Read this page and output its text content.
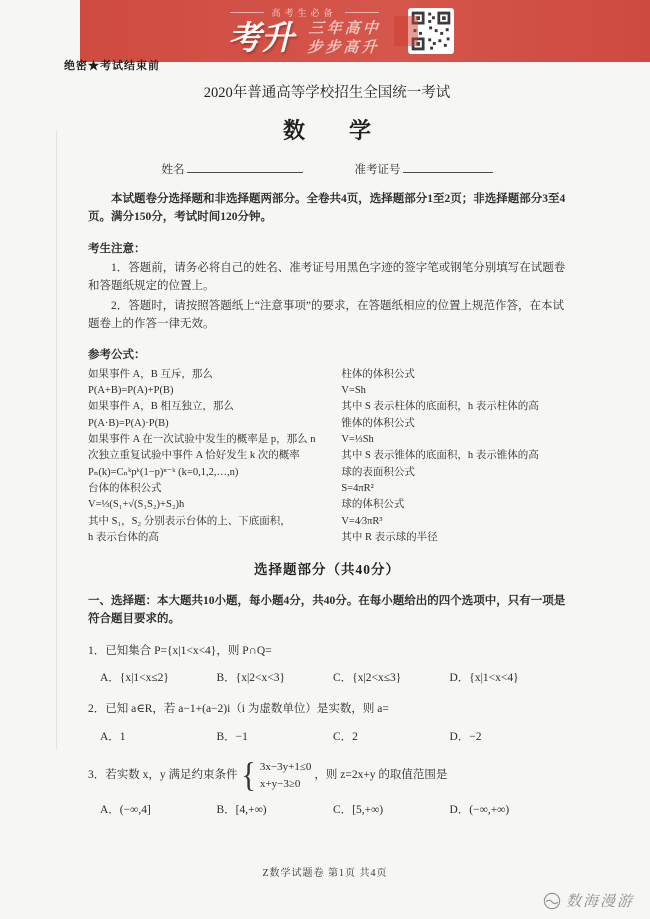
高考生必备
考升 三年高中
步步高升
绝密★考试结束前
2020年普通高等学校招生全国统一考试
数　　学
姓名	准考证号

本试题卷分选择题和非选择题两部分。全卷共4页，选择题部分1至2页；非选择题部分3至4页。满分150分，考试时间120分钟。

考生注意：

1．答题前，请务必将自己的姓名、准考证号用黑色字迹的签字笔或钢笔分别填写在试题卷和答题纸规定的位置上。

2．答题时，请按照答题纸上“注意事项”的要求，在答题纸相应的位置上规范作答，在本试题卷上的作答一律无效。

参考公式：
如果事件 A，B 互斥，那么
P(A+B)=P(A)+P(B)
如果事件 A，B 相互独立，那么
P(A·B)=P(A)·P(B)
如果事件 A 在一次试验中发生的概率是 p，那么 n
次独立重复试验中事件 A 恰好发生 k 次的概率
Pₙ(k)=Cₙᵏpᵏ(1−p)ⁿ⁻ᵏ (k=0,1,2,…,n)
台体的体积公式
V=⅓(S₁+√(S₁S₂)+S₂)h
其中 S₁，S₂ 分别表示台体的上、下底面积，
h 表示台体的高
柱体的体积公式
V=Sh
其中 S 表示柱体的底面积，h 表示柱体的高
锥体的体积公式
V=⅓Sh
其中 S 表示锥体的底面积，h 表示锥体的高
球的表面积公式
S=4πR²
球的体积公式
V=4⁄3πR³
其中 R 表示球的半径
选择题部分（共40分）

一、选择题：本大题共10小题，每小题4分，共40分。在每小题给出的四个选项中，只有一项是符合题目要求的。

1．已知集合 P={x|1<x<4}，则 P∩Q=
A．{x|1<x≤2}	B．{x|2<x<3}	C．{x|2<x≤3}	D．{x|1<x<4}
2．已知 a∈R，若 a−1+(a−2)i（i 为虚数单位）是实数，则 a=
A．1	B．−1	C．2	D．−2
3．若实数 x，y 满足约束条件 { 3x−3y+1≤0
x+y−3≥0
，则 z=2x+y 的取值范围是
A．(−∞,4]	B．[4,+∞)	C．[5,+∞)	D．(−∞,+∞)
Z数学试题卷 第1页 共4页
数海漫游
